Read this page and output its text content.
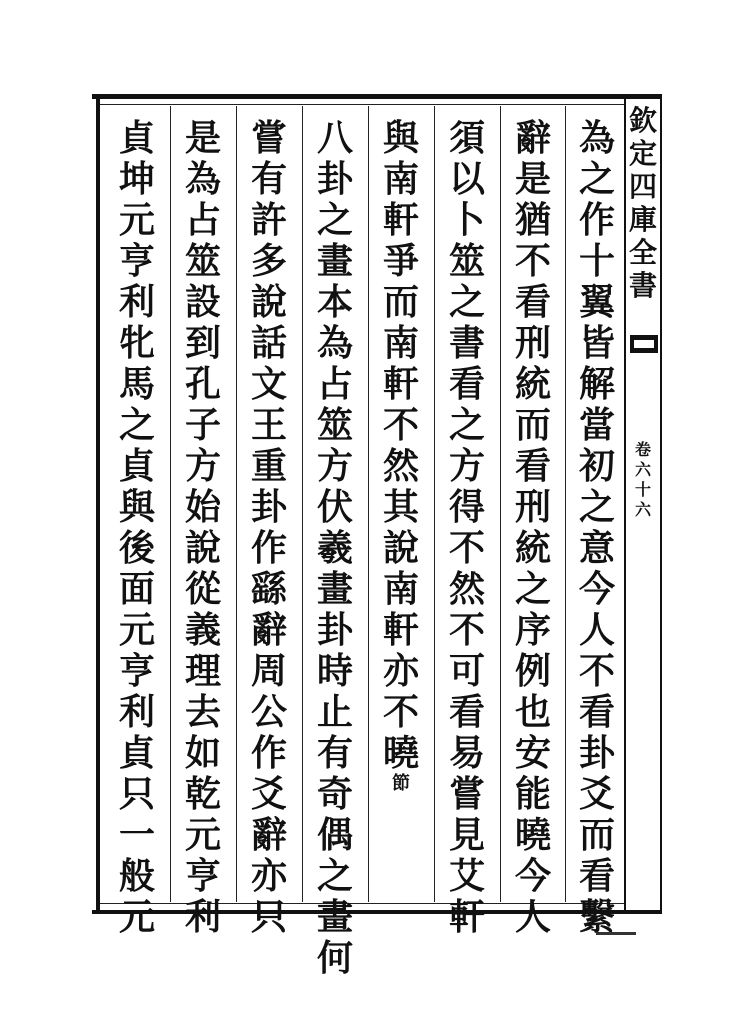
為
之
作
十
翼
皆
解
當
初
之
意
今
人
不
看
卦
爻
而
看
繫
辭
是
猶
不
看
刑
統
而
看
刑
統
之
序
例
也
安
能
曉
今
人
須
以
卜
筮
之
書
看
之
方
得
不
然
不
可
看
易
嘗
見
艾
軒
與
南
軒
爭
而
南
軒
不
然
其
說
南
軒
亦
不
曉
節
八
卦
之
畫
本
為
占
筮
方
伏
羲
畫
卦
時
止
有
奇
偶
之
畫
何
嘗
有
許
多
說
話
文
王
重
卦
作
繇
辭
周
公
作
爻
辭
亦
只
是
為
占
筮
設
到
孔
子
方
始
說
從
義
理
去
如
乾
元
亨
利
貞
坤
元
亨
利
牝
馬
之
貞
與
後
面
元
亨
利
貞
只
一
般
元
欽
定
四
庫
全
書
卷
六
十
六
